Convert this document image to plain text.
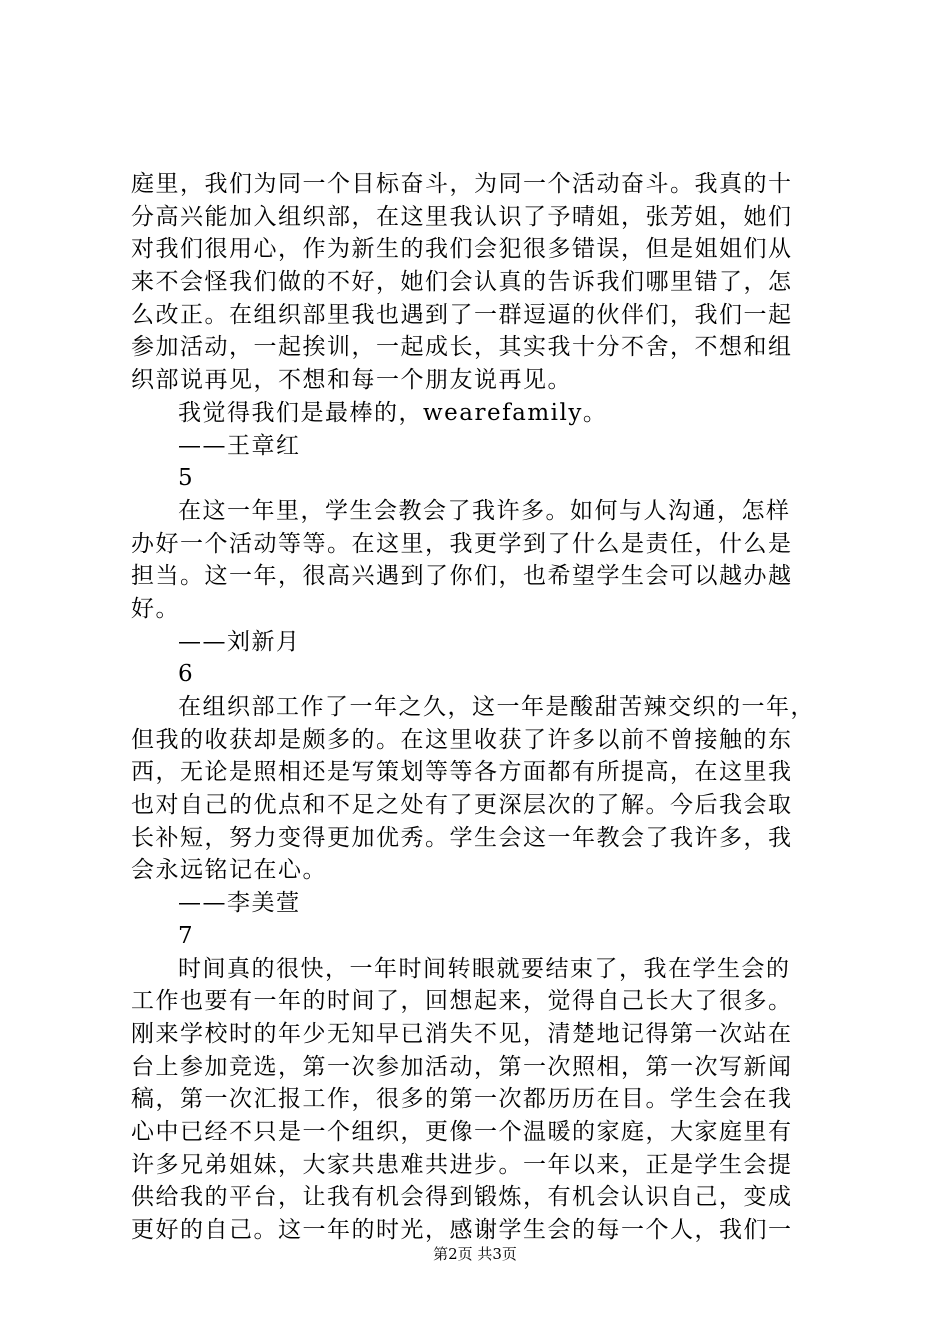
庭里，我们为同一个目标奋斗，为同一个活动奋斗。我真的十
分高兴能加入组织部，在这里我认识了予晴姐，张芳姐，她们
对我们很用心，作为新生的我们会犯很多错误，但是姐姐们从
来不会怪我们做的不好，她们会认真的告诉我们哪里错了，怎
么改正。在组织部里我也遇到了一群逗逼的伙伴们，我们一起
参加活动，一起挨训，一起成长，其实我十分不舍，不想和组
织部说再见，不想和每一个朋友说再见。
我觉得我们是最棒的，wearefamily。
——王章红
5
在这一年里，学生会教会了我许多。如何与人沟通，怎样
办好一个活动等等。在这里，我更学到了什么是责任，什么是
担当。这一年，很高兴遇到了你们，也希望学生会可以越办越
好。
——刘新月
6
在组织部工作了一年之久，这一年是酸甜苦辣交织的一年，
但我的收获却是颇多的。在这里收获了许多以前不曾接触的东
西，无论是照相还是写策划等等各方面都有所提高，在这里我
也对自己的优点和不足之处有了更深层次的了解。今后我会取
长补短，努力变得更加优秀。学生会这一年教会了我许多，我
会永远铭记在心。
——李美萱
7
时间真的很快，一年时间转眼就要结束了，我在学生会的
工作也要有一年的时间了，回想起来，觉得自己长大了很多。
刚来学校时的年少无知早已消失不见，清楚地记得第一次站在
台上参加竞选，第一次参加活动，第一次照相，第一次写新闻
稿，第一次汇报工作，很多的第一次都历历在目。学生会在我
心中已经不只是一个组织，更像一个温暖的家庭，大家庭里有
许多兄弟姐妹，大家共患难共进步。一年以来，正是学生会提
供给我的平台，让我有机会得到锻炼，有机会认识自己，变成
更好的自己。这一年的时光，感谢学生会的每一个人，我们一
第2页 共3页
